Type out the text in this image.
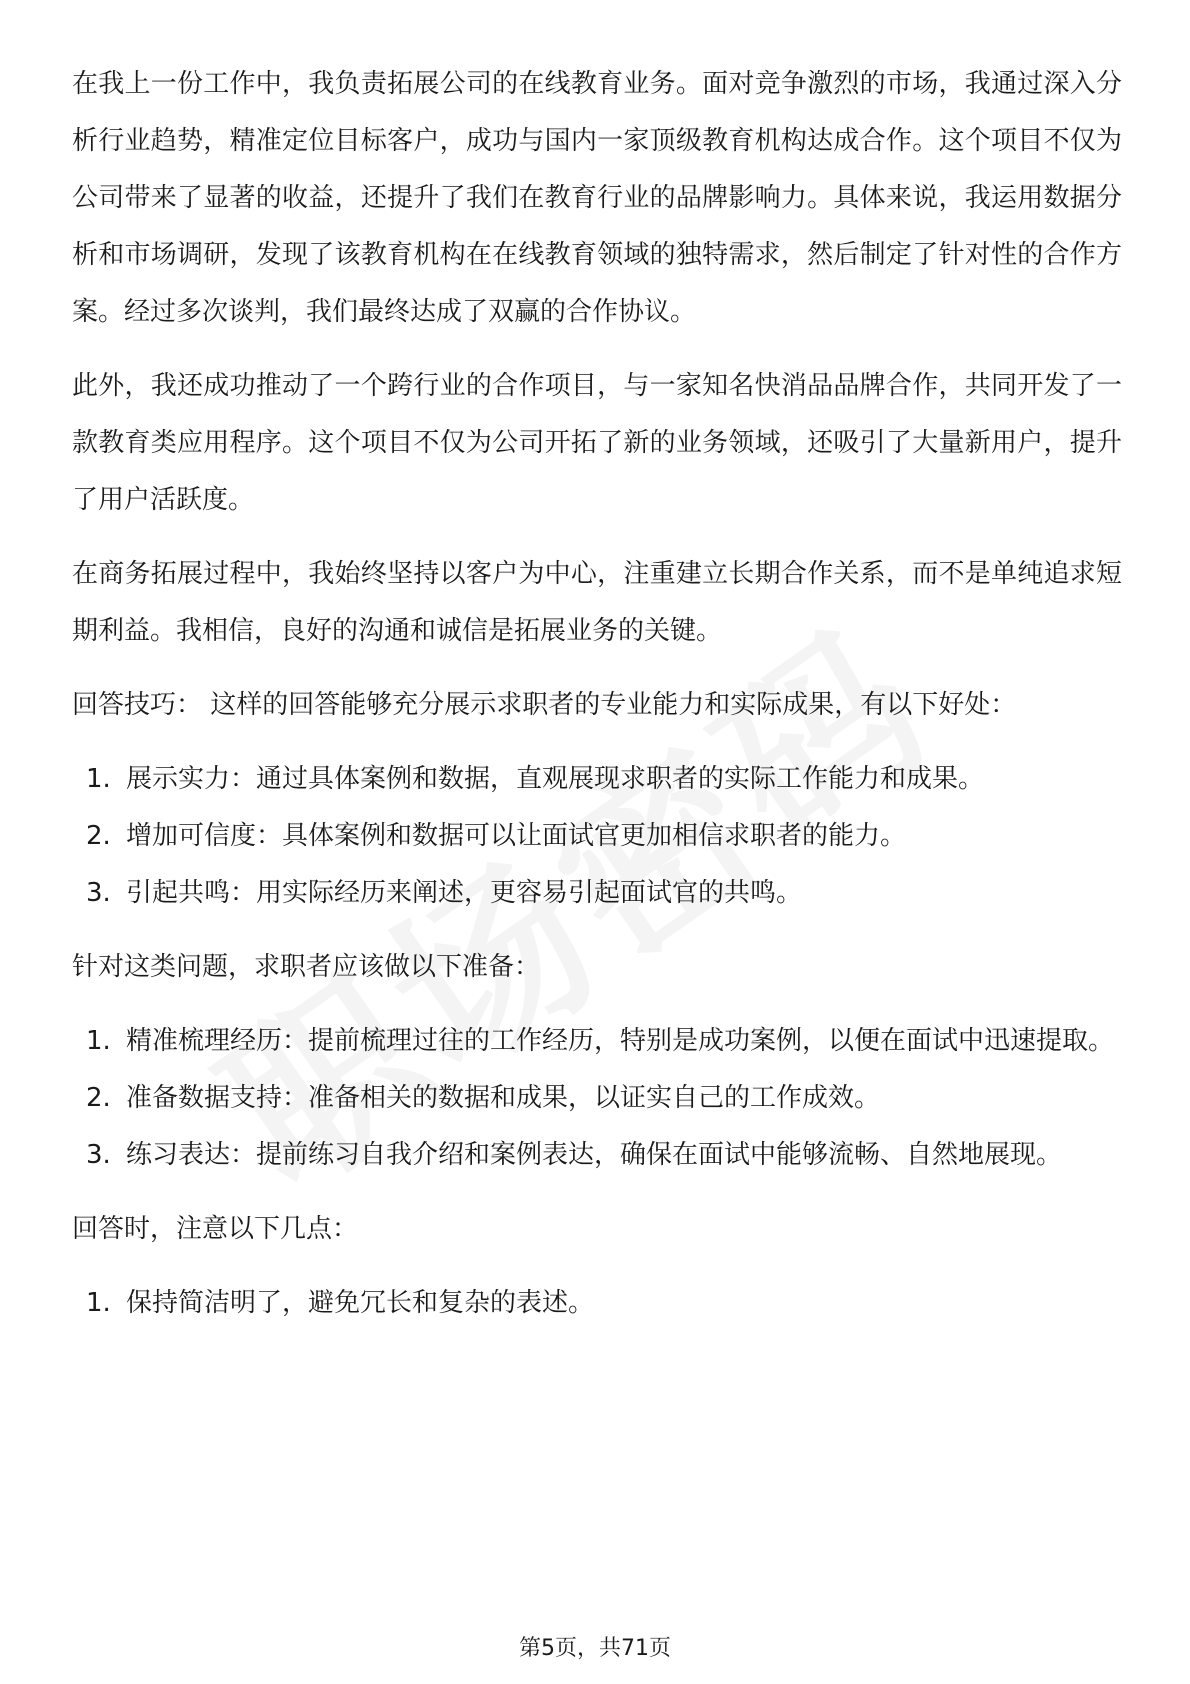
在我上一份工作中，我负责拓展公司的在线教育业务。面对竞争激烈的市场，我通过深入分析行业趋势，精准定位目标客户，成功与国内一家顶级教育机构达成合作。这个项目不仅为公司带来了显著的收益，还提升了我们在教育行业的品牌影响力。具体来说，我运用数据分析和市场调研，发现了该教育机构在在线教育领域的独特需求，然后制定了针对性的合作方案。经过多次谈判，我们最终达成了双赢的合作协议。

此外，我还成功推动了一个跨行业的合作项目，与一家知名快消品品牌合作，共同开发了一款教育类应用程序。这个项目不仅为公司开拓了新的业务领域，还吸引了大量新用户，提升了用户活跃度。

在商务拓展过程中，我始终坚持以客户为中心，注重建立长期合作关系，而不是单纯追求短期利益。我相信，良好的沟通和诚信是拓展业务的关键。

回答技巧： 这样的回答能够充分展示求职者的专业能力和实际成果，有以下好处：

1. 展示实力：通过具体案例和数据，直观展现求职者的实际工作能力和成果。
2. 增加可信度：具体案例和数据可以让面试官更加相信求职者的能力。
3. 引起共鸣：用实际经历来阐述，更容易引起面试官的共鸣。

针对这类问题，求职者应该做以下准备：

1. 精准梳理经历：提前梳理过往的工作经历，特别是成功案例，以便在面试中迅速提取。
2. 准备数据支持：准备相关的数据和成果，以证实自己的工作成效。
3. 练习表达：提前练习自我介绍和案例表达，确保在面试中能够流畅、自然地展现。

回答时，注意以下几点：

1. 保持简洁明了，避免冗长和复杂的表述。
第5页，共71页
